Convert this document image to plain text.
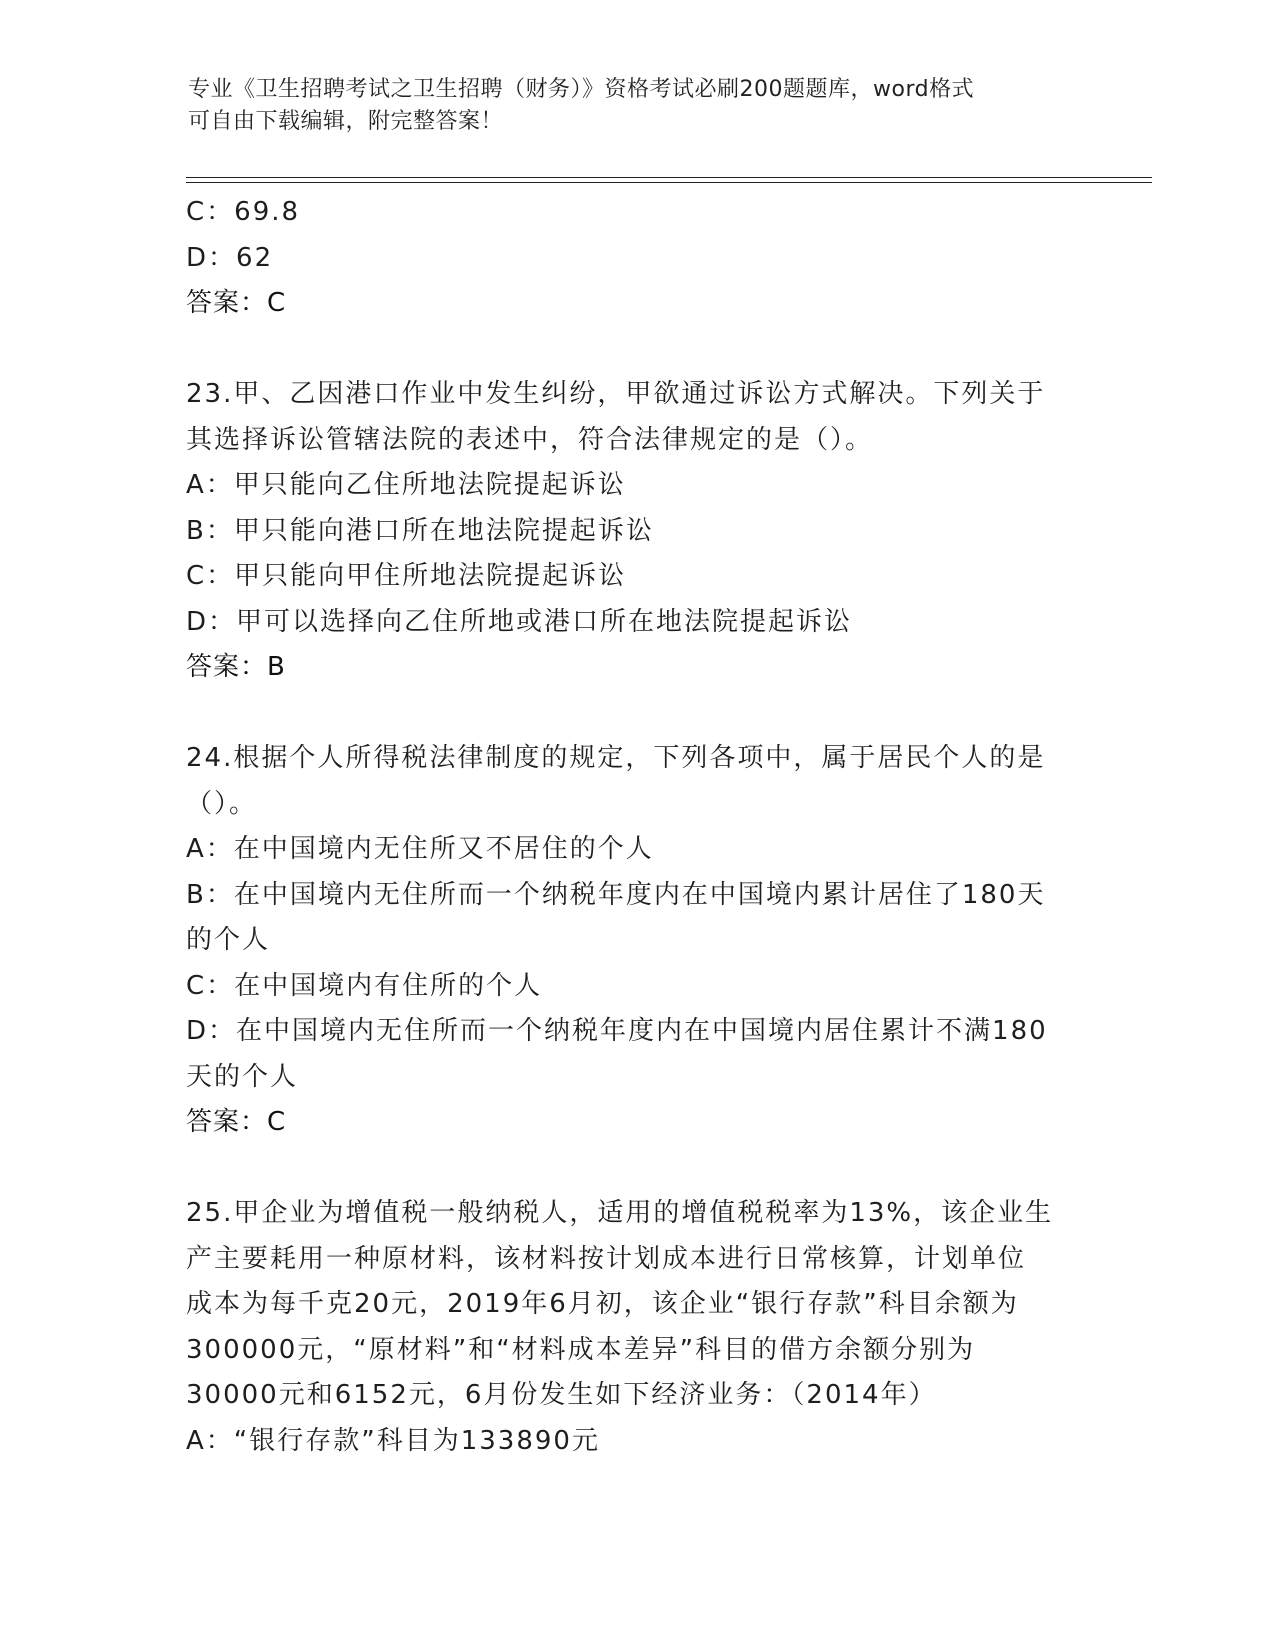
专业《卫生招聘考试之卫生招聘（财务）》资格考试必刷200题题库，word格式
可自由下载编辑，附完整答案！
C：69.8
D：62
答案：C
23.甲、乙因港口作业中发生纠纷，甲欲通过诉讼方式解决。下列关于
其选择诉讼管辖法院的表述中，符合法律规定的是（）。
A：甲只能向乙住所地法院提起诉讼
B：甲只能向港口所在地法院提起诉讼
C：甲只能向甲住所地法院提起诉讼
D：甲可以选择向乙住所地或港口所在地法院提起诉讼
答案：B
24.根据个人所得税法律制度的规定，下列各项中，属于居民个人的是
（）。
A：在中国境内无住所又不居住的个人
B：在中国境内无住所而一个纳税年度内在中国境内累计居住了180天
的个人
C：在中国境内有住所的个人
D：在中国境内无住所而一个纳税年度内在中国境内居住累计不满180
天的个人
答案：C
25.甲企业为增值税一般纳税人，适用的增值税税率为13%，该企业生
产主要耗用一种原材料，该材料按计划成本进行日常核算，计划单位
成本为每千克20元，2019年6月初，该企业“银行存款”科目余额为
300000元，“原材料”和“材料成本差异”科目的借方余额分别为
30000元和6152元，6月份发生如下经济业务：（2014年）
A：“银行存款”科目为133890元
